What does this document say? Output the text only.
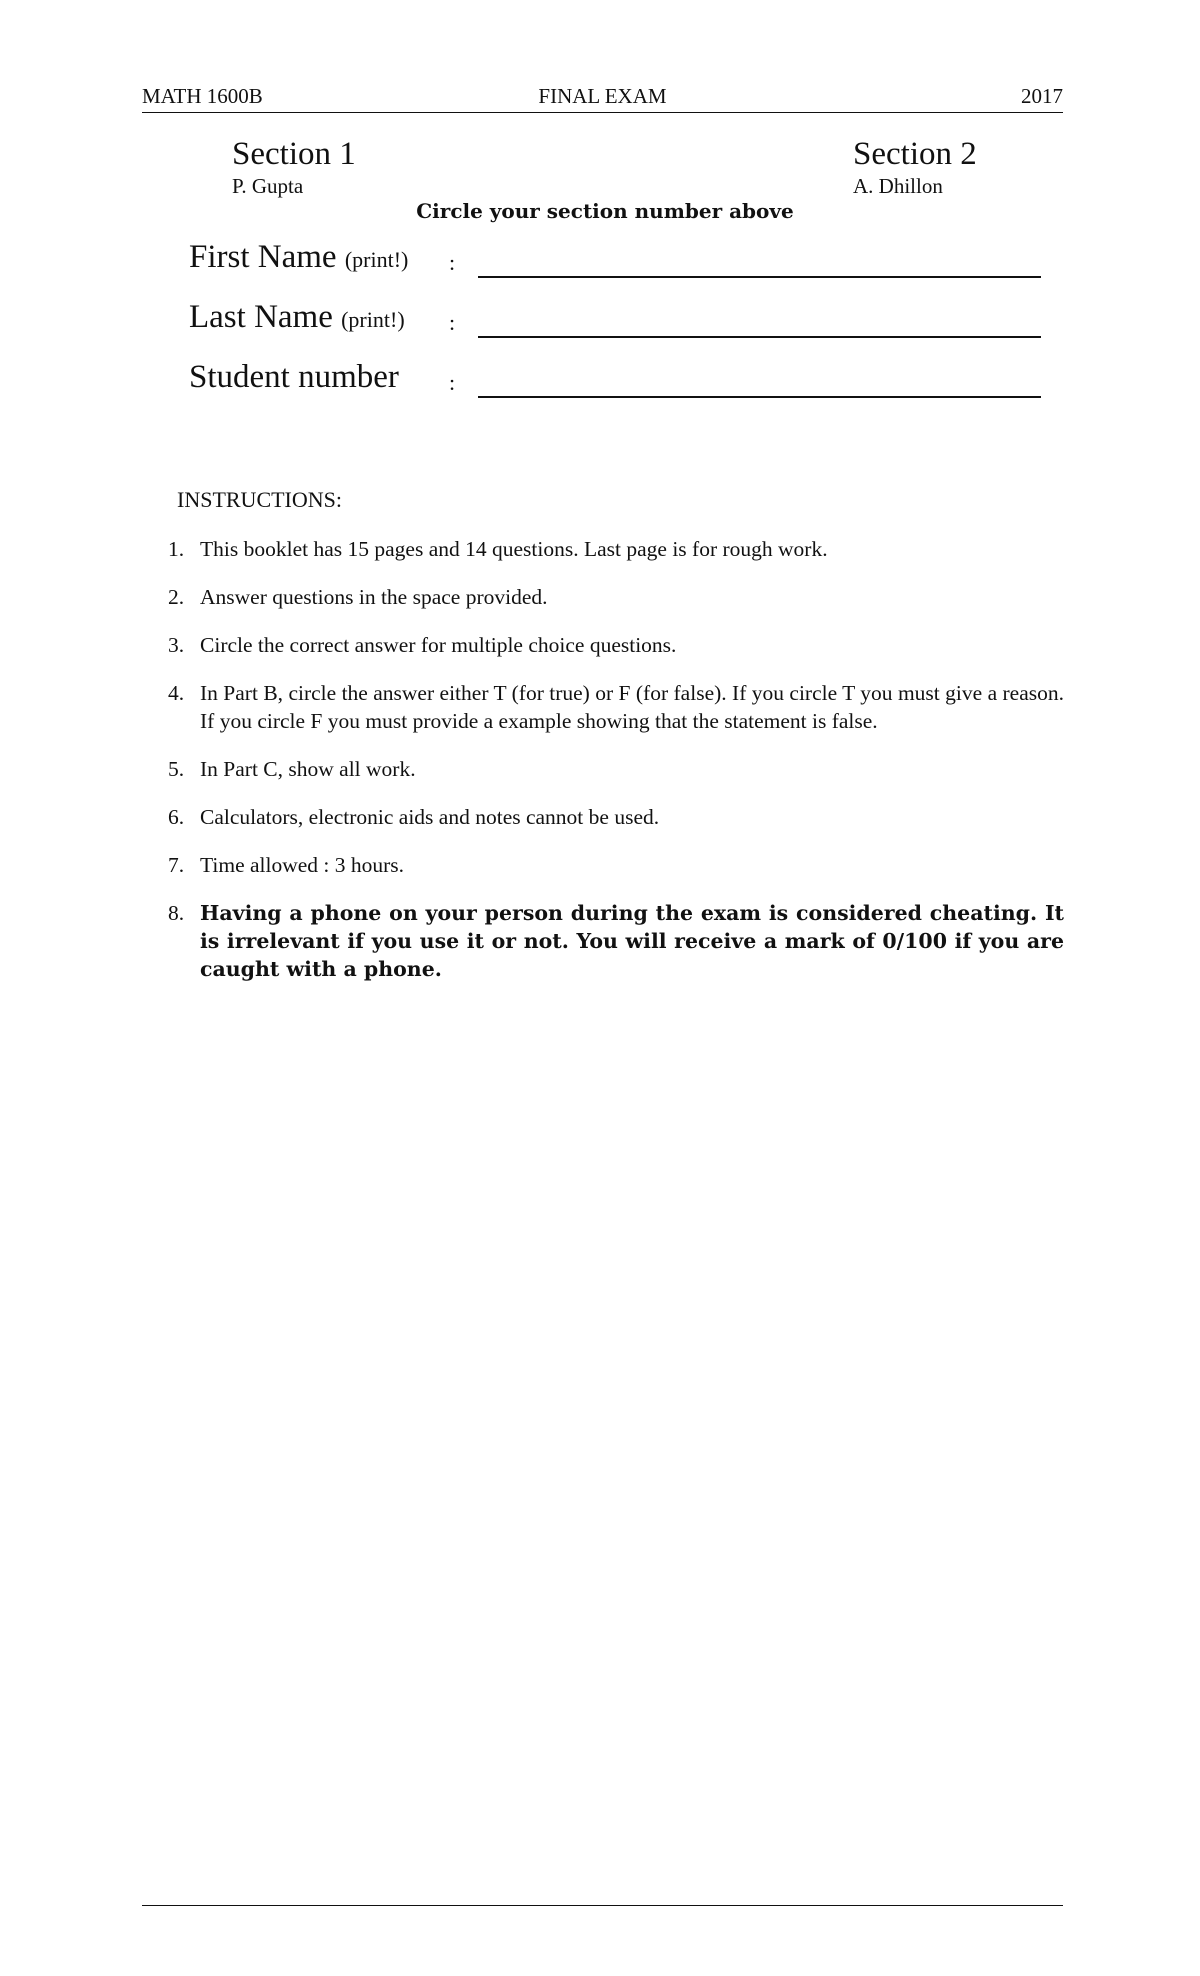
MATH 1600B	FINAL EXAM	2017
Section 1
P. Gupta
Section 2
A. Dhillon
Circle your section number above
First Name (print!) :
Last Name (print!) :
Student number :
INSTRUCTIONS:
1. This booklet has 15 pages and 14 questions. Last page is for rough work.
2. Answer questions in the space provided.
3. Circle the correct answer for multiple choice questions.
4. In Part B, circle the answer either T (for true) or F (for false). If you circle T you must give a reason. If you circle F you must provide a example showing that the statement is false.
5. In Part C, show all work.
6. Calculators, electronic aids and notes cannot be used.
7. Time allowed : 3 hours.
8. Having a phone on your person during the exam is considered cheating. It is irrelevant if you use it or not. You will receive a mark of 0/100 if you are caught with a phone.
